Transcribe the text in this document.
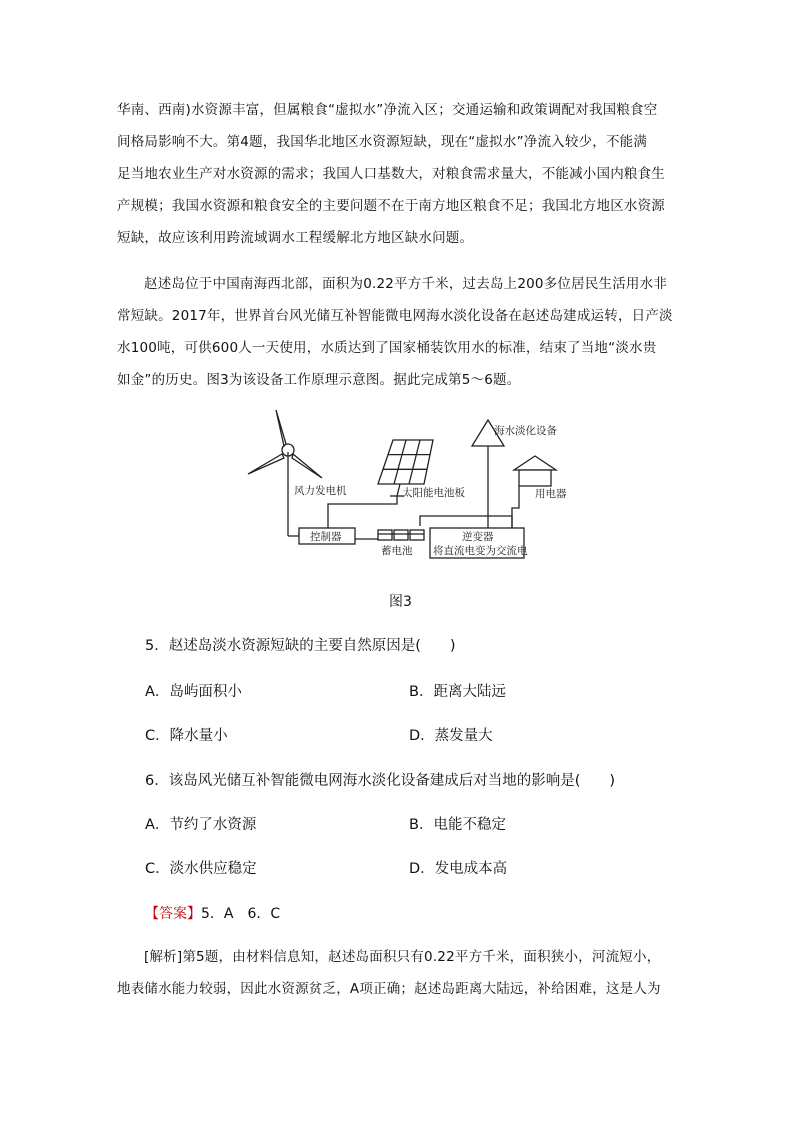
华南、西南)水资源丰富，但属粮食“虚拟水”净流入区；交通运输和政策调配对我国粮食空
间格局影响不大。第4题，我国华北地区水资源短缺，现在“虚拟水”净流入较少，不能满
足当地农业生产对水资源的需求；我国人口基数大，对粮食需求量大，不能减小国内粮食生
产规模；我国水资源和粮食安全的主要问题不在于南方地区粮食不足；我国北方地区水资源
短缺，故应该利用跨流域调水工程缓解北方地区缺水问题。
赵述岛位于中国南海西北部，面积为0.22平方千米，过去岛上200多位居民生活用水非
常短缺。2017年，世界首台风光储互补智能微电网海水淡化设备在赵述岛建成运转，日产淡
水100吨，可供600人一天使用，水质达到了国家桶装饮用水的标准，结束了当地“淡水贵
如金”的历史。图3为该设备工作原理示意图。据此完成第5～6题。
风力发电机	太阳能电池板
海水淡化设备
用电器
控制器
蓄电池
逆变器
将直流电变为交流电
图3
5．赵述岛淡水资源短缺的主要自然原因是(　　)
A．岛屿面积小	B．距离大陆远
C．降水量小	D．蒸发量大
6．该岛风光储互补智能微电网海水淡化设备建成后对当地的影响是(　　)
A．节约了水资源	B．电能不稳定
C．淡水供应稳定	D．发电成本高
【答案】5．A　6．C
[解析]第5题，由材料信息知，赵述岛面积只有0.22平方千米，面积狭小，河流短小，
地表储水能力较弱，因此水资源贫乏，A项正确；赵述岛距离大陆远，补给困难，这是人为
